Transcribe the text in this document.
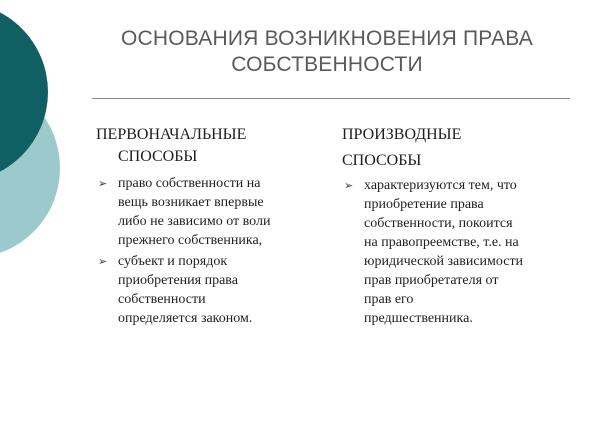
ОСНОВАНИЯ ВОЗНИКНОВЕНИЯ ПРАВА
СОБСТВЕННОСТИ
ПЕРВОНАЧАЛЬНЫЕ
СПОСОБЫ
➢ право собственности на
вещь возникает впервые
либо не зависимо от воли
прежнего собственника,
➢ субъект и порядок
приобретения права
собственности
определяется законом.
ПРОИЗВОДНЫЕ
СПОСОБЫ
➢ характеризуются тем, что
приобретение права
собственности, покоится
на правопреемстве, т.е. на
юридической зависимости
прав приобретателя от
прав его
предшественника.
